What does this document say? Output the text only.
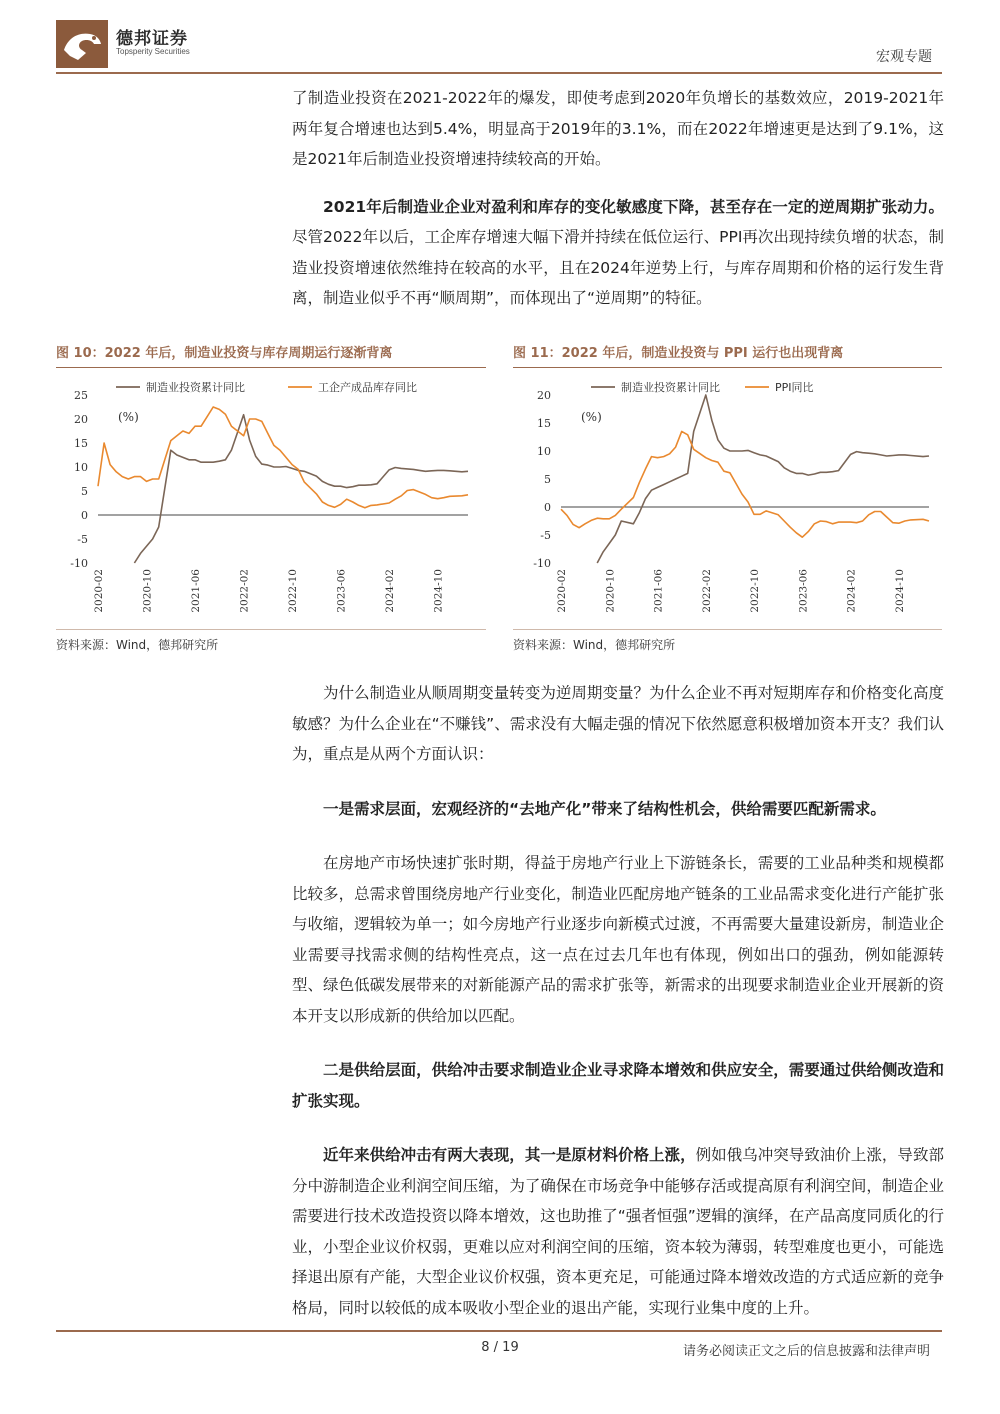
德邦证券
Topsperity Securities	宏观专题

了制造业投资在2021-2022年的爆发，即使考虑到2020年负增长的基数效应，2019-2021年两年复合增速也达到5.4%，明显高于2019年的3.1%，而在2022年增速更是达到了9.1%，这是2021年后制造业投资增速持续较高的开始。

2021年后制造业企业对盈利和库存的变化敏感度下降，甚至存在一定的逆周期扩张动力。尽管2022年以后，工企库存增速大幅下滑并持续在低位运行、PPI再次出现持续负增的状态，制造业投资增速依然维持在较高的水平，且在2024年逆势上行，与库存周期和价格的运行发生背离，制造业似乎不再“顺周期”，而体现出了“逆周期”的特征。

图 10：2022 年后，制造业投资与库存周期运行逐渐背离
25
20
15
10
5
0
-5
-10
2020-02	2020-10	2021-06	2022-02	2022-10	2023-06	2024-02	2024-10
(%)
制造业投资累计同比	工企产成品库存同比
资料来源：Wind，德邦研究所
图 11：2022 年后，制造业投资与 PPI 运行也出现背离
20
15
10
5
0
-5
-10
2020-02	2020-10	2021-06	2022-02	2022-10	2023-06	2024-02	2024-10
(%)
制造业投资累计同比	PPI同比
资料来源：Wind，德邦研究所

为什么制造业从顺周期变量转变为逆周期变量？为什么企业不再对短期库存和价格变化高度敏感？为什么企业在“不赚钱”、需求没有大幅走强的情况下依然愿意积极增加资本开支？我们认为，重点是从两个方面认识：

一是需求层面，宏观经济的“去地产化”带来了结构性机会，供给需要匹配新需求。

在房地产市场快速扩张时期，得益于房地产行业上下游链条长，需要的工业品种类和规模都比较多，总需求曾围绕房地产行业变化，制造业匹配房地产链条的工业品需求变化进行产能扩张与收缩，逻辑较为单一；如今房地产行业逐步向新模式过渡，不再需要大量建设新房，制造业企业需要寻找需求侧的结构性亮点，这一点在过去几年也有体现，例如出口的强劲，例如能源转型、绿色低碳发展带来的对新能源产品的需求扩张等，新需求的出现要求制造业企业开展新的资本开支以形成新的供给加以匹配。

二是供给层面，供给冲击要求制造业企业寻求降本增效和供应安全，需要通过供给侧改造和扩张实现。

近年来供给冲击有两大表现，其一是原材料价格上涨，例如俄乌冲突导致油价上涨，导致部分中游制造企业利润空间压缩，为了确保在市场竞争中能够存活或提高原有利润空间，制造企业需要进行技术改造投资以降本增效，这也助推了“强者恒强”逻辑的演绎，在产品高度同质化的行业，小型企业议价权弱，更难以应对利润空间的压缩，资本较为薄弱，转型难度也更小，可能选择退出原有产能，大型企业议价权强，资本更充足，可能通过降本增效改造的方式适应新的竞争格局，同时以较低的成本吸收小型企业的退出产能，实现行业集中度的上升。

8 / 19	请务必阅读正文之后的信息披露和法律声明
